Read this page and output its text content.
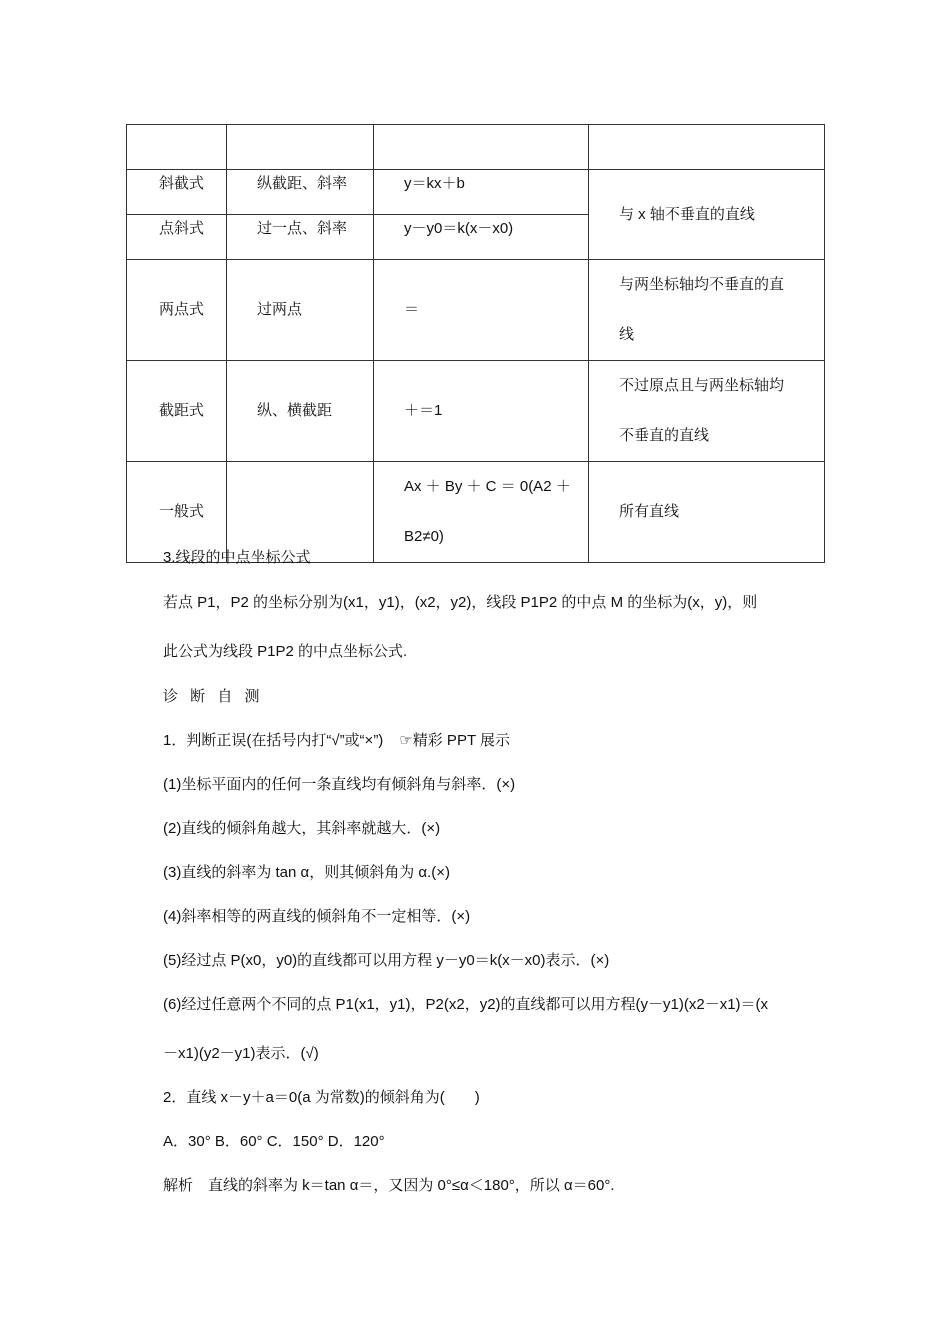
斜截式	纵截距、斜率	y＝kx＋b	与 x 轴不垂直的直线
点斜式	过一点、斜率	y－y0＝k(x－x0)	
两点式	过两点	＝	与两坐标轴均不垂直的直
线

截距式	纵、横截距	＋＝1	不过原点且与两坐标轴均
不垂直的直线

一般式		Ax ＋ By ＋ C ＝ 0(A2 ＋
B2≠0)	所有直线
3.线段的中点坐标公式
若点 P1，P2 的坐标分别为(x1，y1)，(x2，y2)，线段 P1P2 的中点 M 的坐标为(x，y)，则
此公式为线段 P1P2 的中点坐标公式.
诊 断 自 测
1．判断正误(在括号内打“√”或“×”) ☞精彩 PPT 展示
(1)坐标平面内的任何一条直线均有倾斜角与斜率．(×)
(2)直线的倾斜角越大，其斜率就越大．(×)
(3)直线的斜率为 tan α，则其倾斜角为 α.(×)
(4)斜率相等的两直线的倾斜角不一定相等．(×)
(5)经过点 P(x0，y0)的直线都可以用方程 y－y0＝k(x－x0)表示．(×)
(6)经过任意两个不同的点 P1(x1，y1)，P2(x2，y2)的直线都可以用方程(y－y1)(x2－x1)＝(x
－x1)(y2－y1)表示．(√)
2．直线 x－y＋a＝0(a 为常数)的倾斜角为(　　)
A．30° B．60° C．150° D．120°
解析　直线的斜率为 k＝tan α＝，又因为 0°≤α＜180°，所以 α＝60°.
